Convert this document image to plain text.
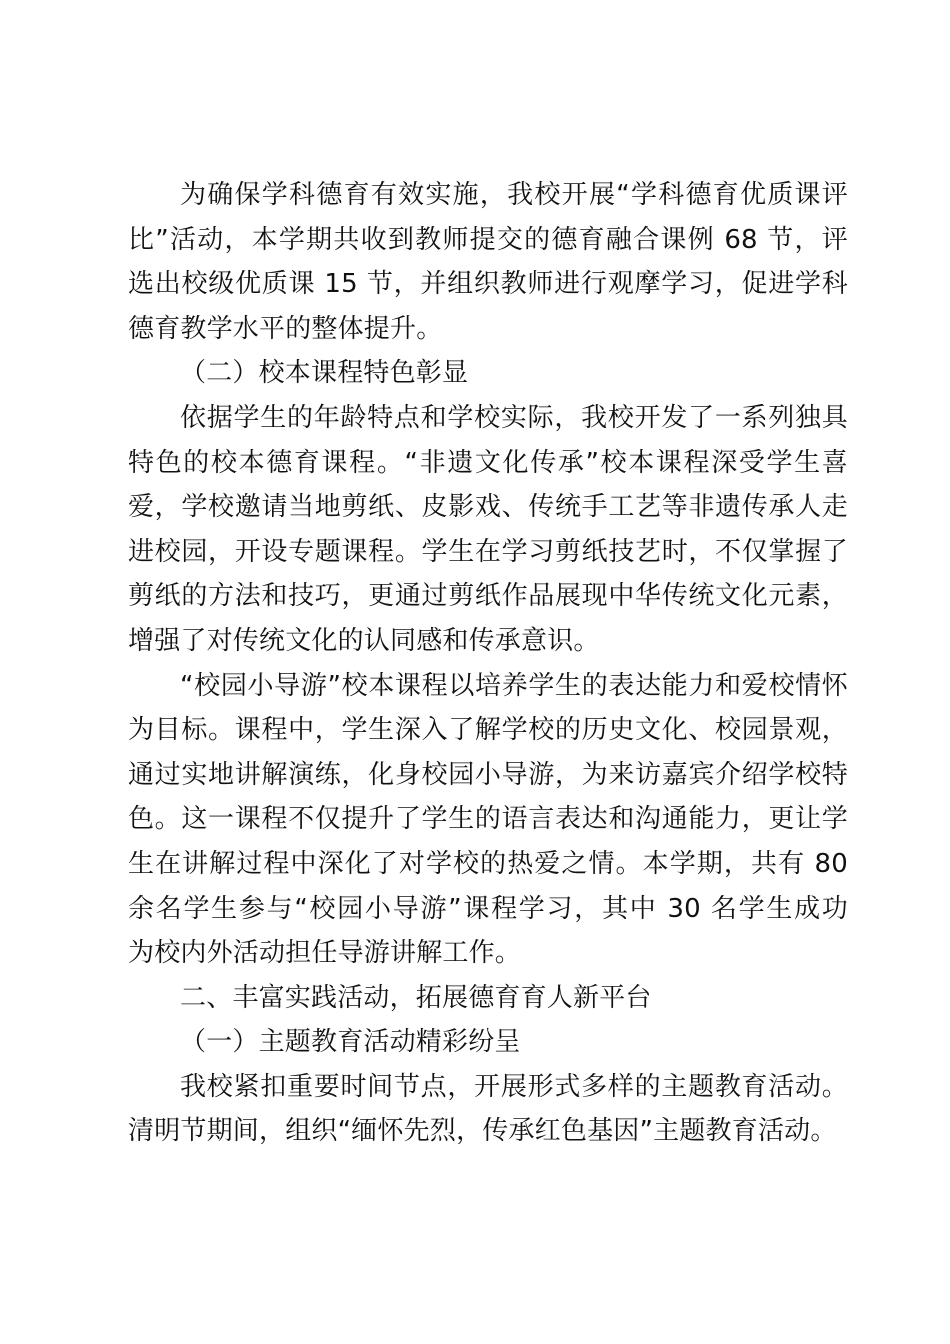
为确保学科德育有效实施，我校开展“学科德育优质课评
比”活动，本学期共收到教师提交的德育融合课例 68 节，评
选出校级优质课 15 节，并组织教师进行观摩学习，促进学科
德育教学水平的整体提升。
（二）校本课程特色彰显
依据学生的年龄特点和学校实际，我校开发了一系列独具
特色的校本德育课程。“非遗文化传承”校本课程深受学生喜
爱，学校邀请当地剪纸、皮影戏、传统手工艺等非遗传承人走
进校园，开设专题课程。学生在学习剪纸技艺时，不仅掌握了
剪纸的方法和技巧，更通过剪纸作品展现中华传统文化元素，
增强了对传统文化的认同感和传承意识。
“校园小导游”校本课程以培养学生的表达能力和爱校情怀
为目标。课程中，学生深入了解学校的历史文化、校园景观，
通过实地讲解演练，化身校园小导游，为来访嘉宾介绍学校特
色。这一课程不仅提升了学生的语言表达和沟通能力，更让学
生在讲解过程中深化了对学校的热爱之情。本学期，共有 80
余名学生参与“校园小导游”课程学习，其中 30 名学生成功
为校内外活动担任导游讲解工作。
二、丰富实践活动，拓展德育育人新平台
（一）主题教育活动精彩纷呈
我校紧扣重要时间节点，开展形式多样的主题教育活动。
清明节期间，组织“缅怀先烈，传承红色基因”主题教育活动。
